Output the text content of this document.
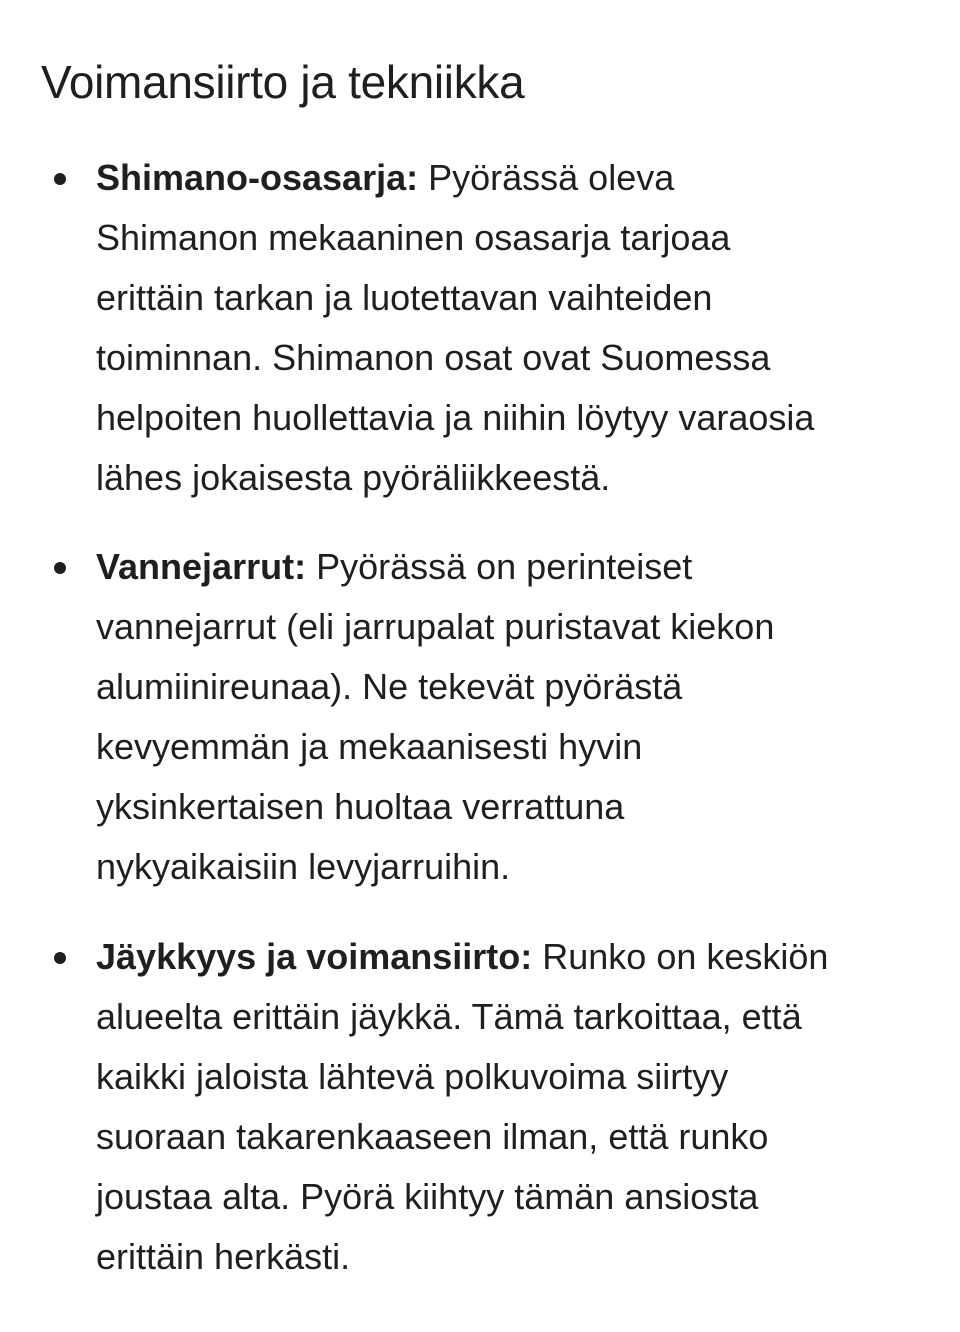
Voimansiirto ja tekniikka

Shimano-osasarja: Pyörässä oleva
Shimanon mekaaninen osasarja tarjoaa
erittäin tarkan ja luotettavan vaihteiden
toiminnan. Shimanon osat ovat Suomessa
helpoiten huollettavia ja niihin löytyy varaosia
lähes jokaisesta pyöräliikkeestä.

Vannejarrut: Pyörässä on perinteiset
vannejarrut (eli jarrupalat puristavat kiekon
alumiinireunaa). Ne tekevät pyörästä
kevyemmän ja mekaanisesti hyvin
yksinkertaisen huoltaa verrattuna
nykyaikaisiin levyjarruihin.

Jäykkyys ja voimansiirto: Runko on keskiön
alueelta erittäin jäykkä. Tämä tarkoittaa, että
kaikki jaloista lähtevä polkuvoima siirtyy
suoraan takarenkaaseen ilman, että runko
joustaa alta. Pyörä kiihtyy tämän ansiosta
erittäin herkästi.
